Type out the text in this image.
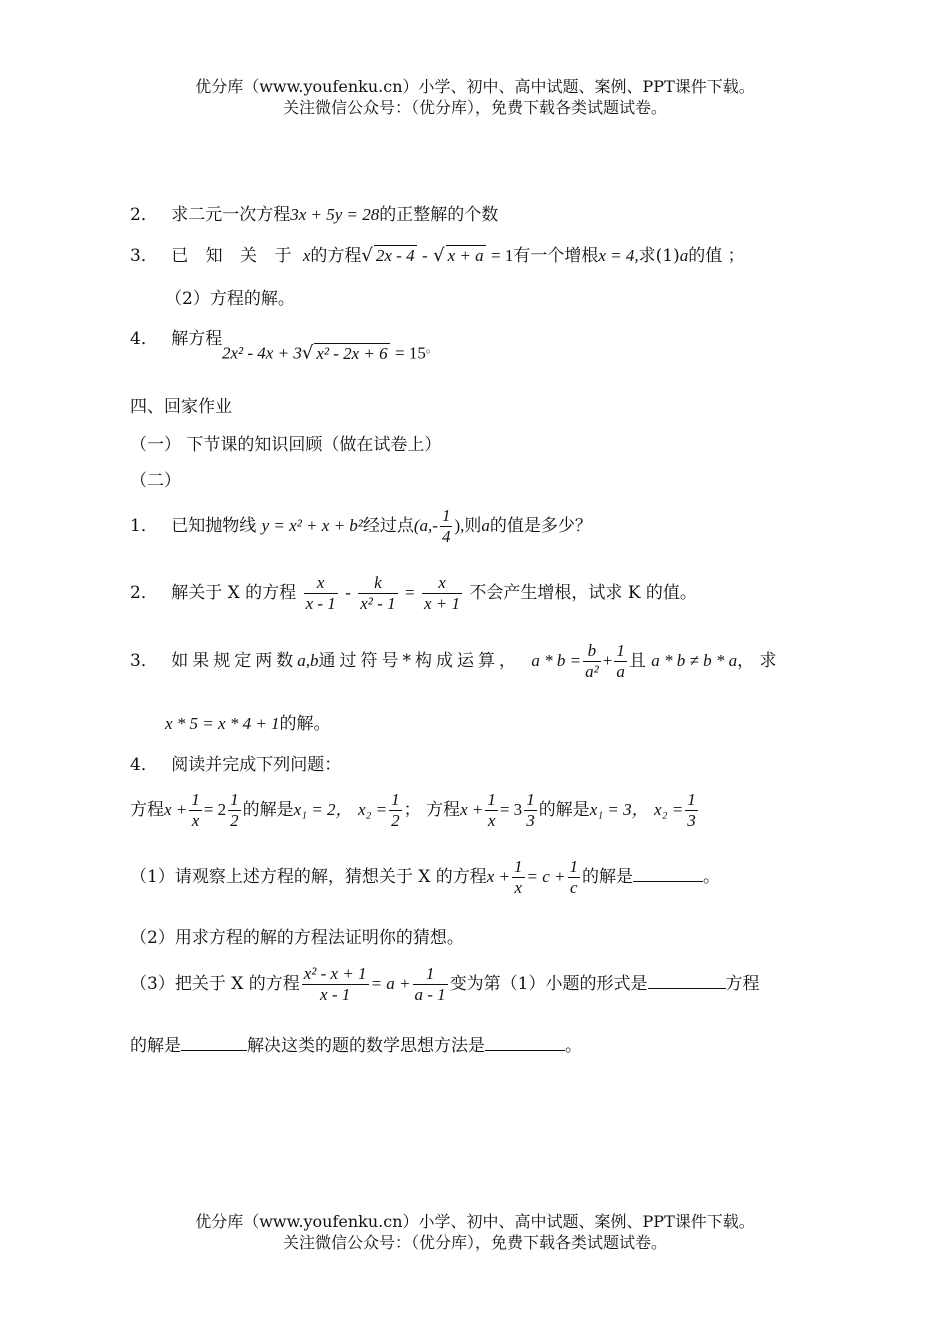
优分库（www.youfenku.cn）小学、初中、高中试题、案例、PPT课件下载。
关注微信公众号：（优分库），免费下载各类试题试卷。
2． 求二元一次方程3x + 5y = 28的正整解的个数
3． 已 知 关 于 x的方程√ 2x - 4 - √ x + a = 1有一个增根x = 4,求(1)a的值 ；
（2）方程的解。
4． 解方程
2x² - 4x + 3√ x² - 2x + 6 = 15。
四、回家作业
（一） 下节课的知识回顾（做在试卷上）
（二）
1． 已知抛物线 y = x² + x + b²经过点($a,- \frac{1}{4}$ ),则a的值是多少？
2． 解关于 X 的方程 $\frac{x}{x - 1} - \frac{k}{\text{x² - 1}} = \frac{x}{x + 1}$ 不会产生增根，试求 K 的值。
3． 如果规定两数a,b通过符号*构成运算， $a * b = \frac{b}{\text{a²}} + \frac{1}{a}$ 且 a * b ≠ b * a， 求
x * 5 = x * 4 + 1的解。
4． 阅读并完成下列问题：
方程$x + \frac{1}{x} = 2 \frac{1}{2}$ 的解是x₁ = 2， $x_2 = \frac{1}{2}$ ； 方程$x + \frac{1}{x} = 3 \frac{1}{3}$ 的解是x₁ = 3， $x_2 = \frac{1}{3}$
（1）请观察上述方程的解，猜想关于 X 的方程$x + \frac{1}{x} = c + \frac{1}{c}$ 的解是	。
（2）用求方程的解的方程法证明你的猜想。
（3）把关于 X 的方程 $\frac{\text{x² - x + 1}}{x - 1} = a + \frac{1}{a - 1}$ 变为第（1）小题的形式是	方程
的解是	解决这类的题的数学思想方法是	。
优分库（www.youfenku.cn）小学、初中、高中试题、案例、PPT课件下载。
关注微信公众号：（优分库），免费下载各类试题试卷。
